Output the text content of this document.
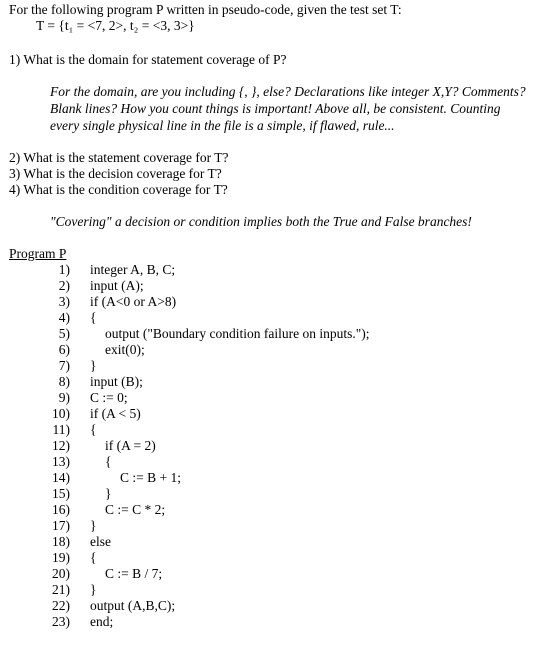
For the following program P written in pseudo-code, given the test set T:
T = {t₁ = <7, 2>, t₂ = <3, 3>}
1) What is the domain for statement coverage of P?
For the domain, are you including {, }, else? Declarations like integer X,Y? Comments?
Blank lines? How you count things is important! Above all, be consistent. Counting
every single physical line in the file is a simple, if flawed, rule...
2) What is the statement coverage for T?
3) What is the decision coverage for T?
4) What is the condition coverage for T?
"Covering" a decision or condition implies both the True and False branches!
Program P
1) integer A, B, C;
2) input (A);
3) if (A<0 or A>8)
4) {
5)	output ("Boundary condition failure on inputs.");
6)	exit(0);
7) }
8) input (B);
9) C := 0;
10) if (A < 5)
11) {
12)	if (A = 2)
13)	{
14)	C := B + 1;
15)	}
16)	C := C * 2;
17) }
18) else
19) {
20)	C := B / 7;
21) }
22) output (A,B,C);
23) end;
